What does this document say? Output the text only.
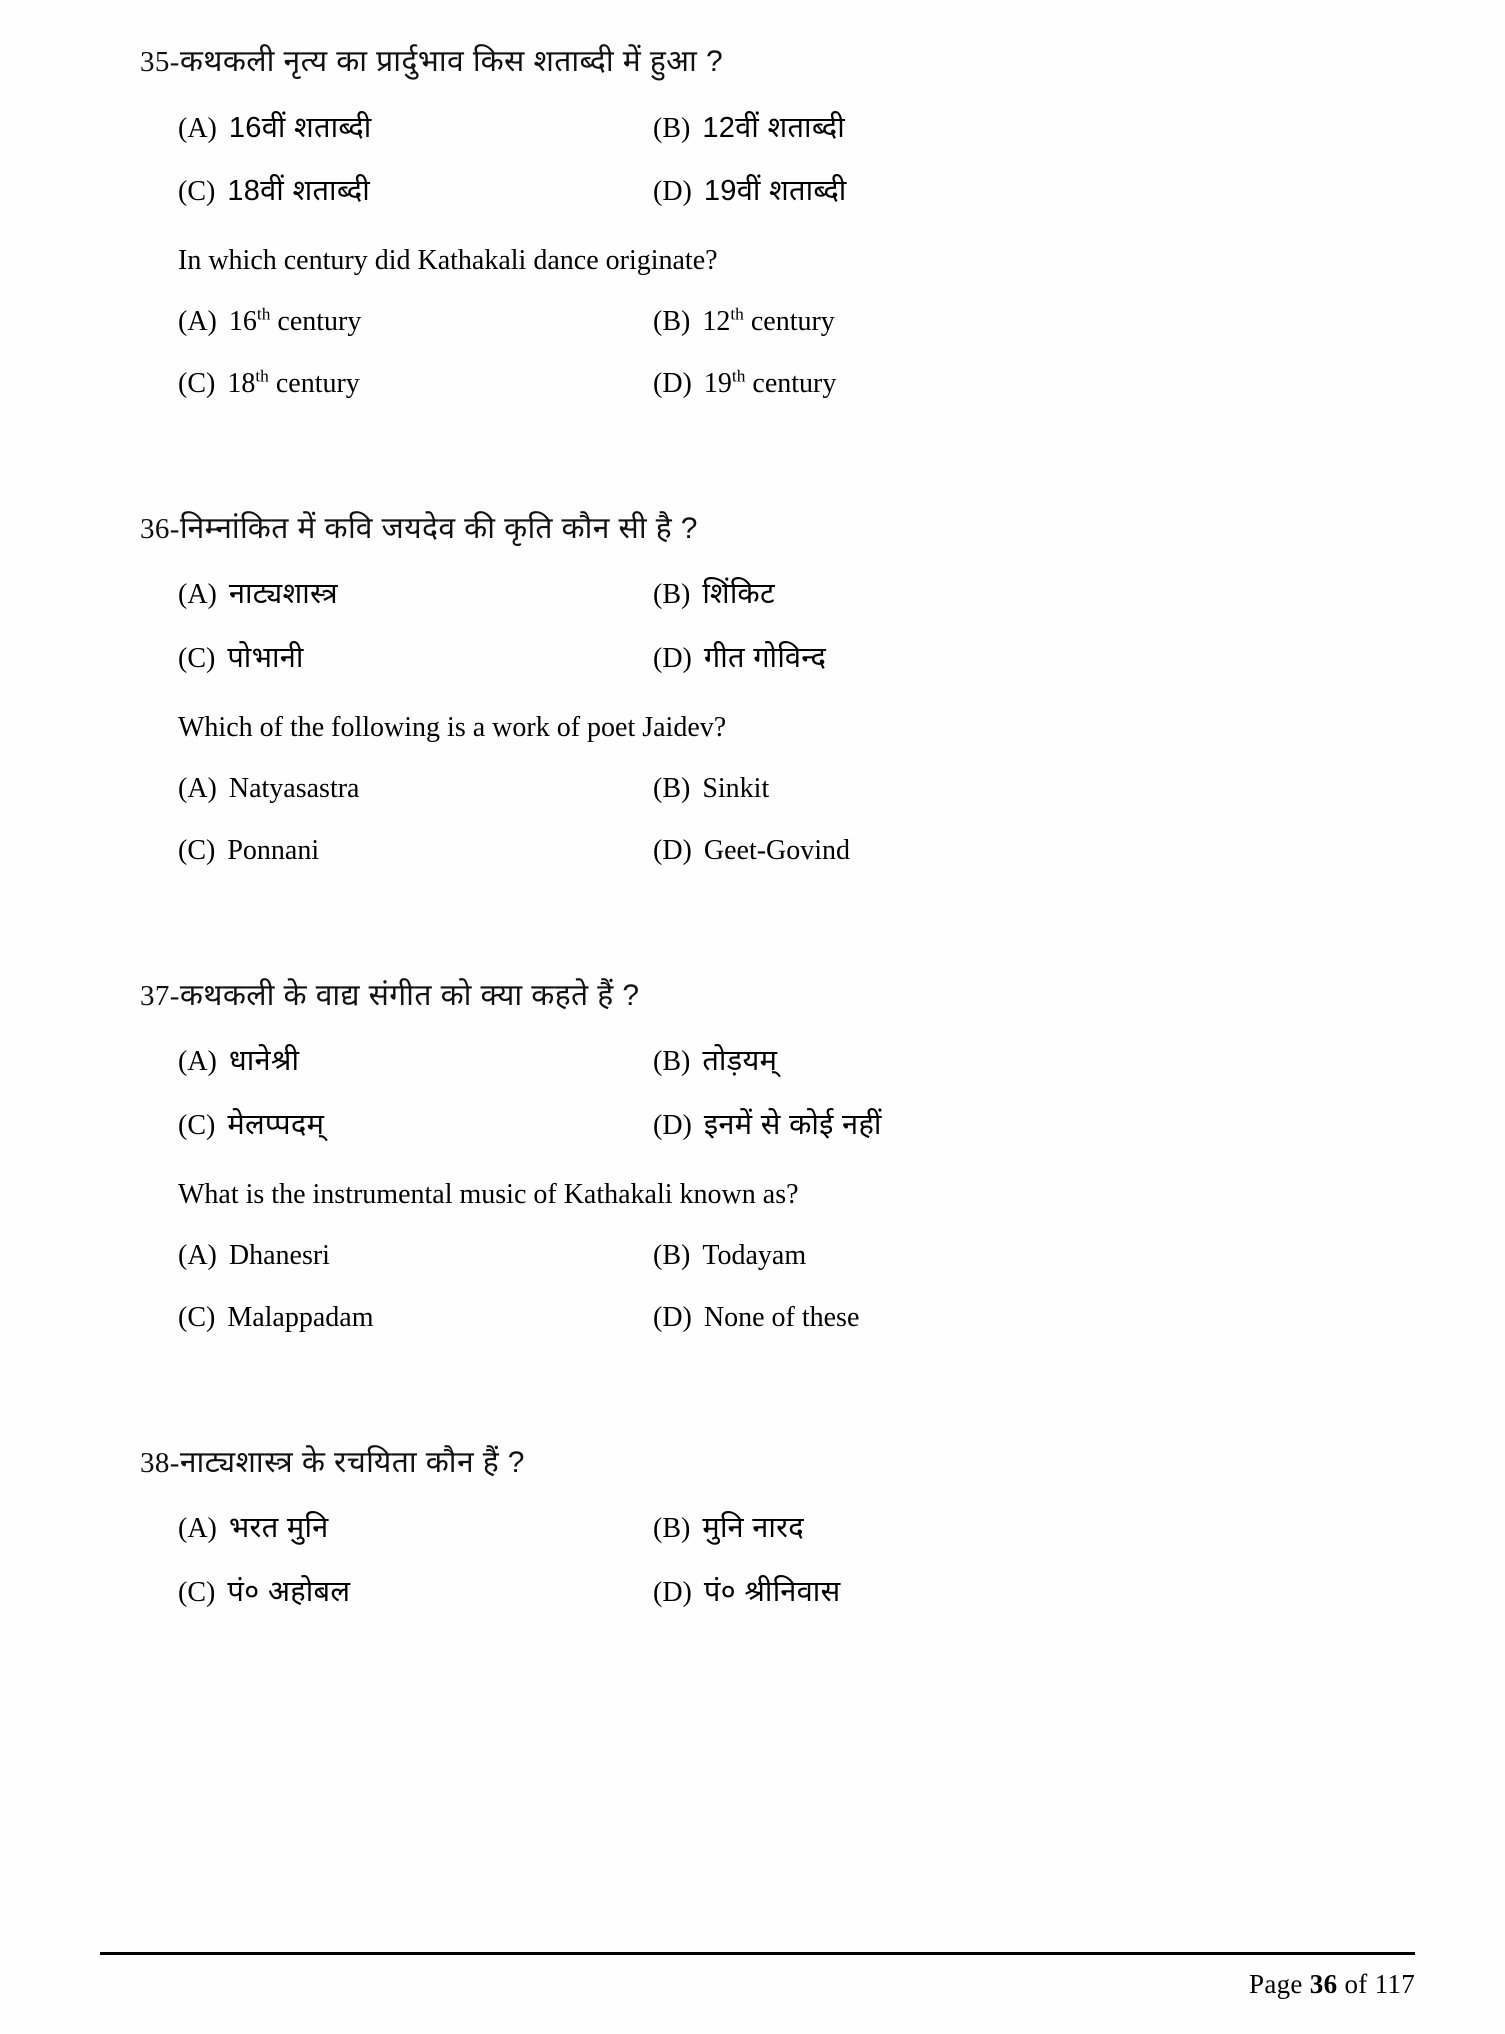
35-कथकली नृत्य का प्रार्दुभाव किस शताब्दी में हुआ ?

(A) 16वीं शताब्दी	(B) 12वीं शताब्दी
(C) 18वीं शताब्दी	(D) 19वीं शताब्दी

In which century did Kathakali dance originate?

(A) 16th century	(B) 12th century
(C) 18th century	(D) 19th century

36-निम्नांकित में कवि जयदेव की कृति कौन सी है ?

(A) नाट्यशास्त्र	(B) शिंकिट
(C) पोभानी	(D) गीत गोविन्द

Which of the following is a work of poet Jaidev?

(A) Natyasastra	(B) Sinkit
(C) Ponnani	(D) Geet-Govind

37-कथकली के वाद्य संगीत को क्या कहते हैं ?

(A) धानेश्री	(B) तोड़यम्
(C) मेलप्पदम्	(D) इनमें से कोई नहीं

What is the instrumental music of Kathakali known as?

(A) Dhanesri	(B) Todayam
(C) Malappadam	(D) None of these

38-नाट्यशास्त्र के रचयिता कौन हैं ?

(A) भरत मुनि	(B) मुनि नारद
(C) पं० अहोबल	(D) पं० श्रीनिवास
Page 36 of 117
